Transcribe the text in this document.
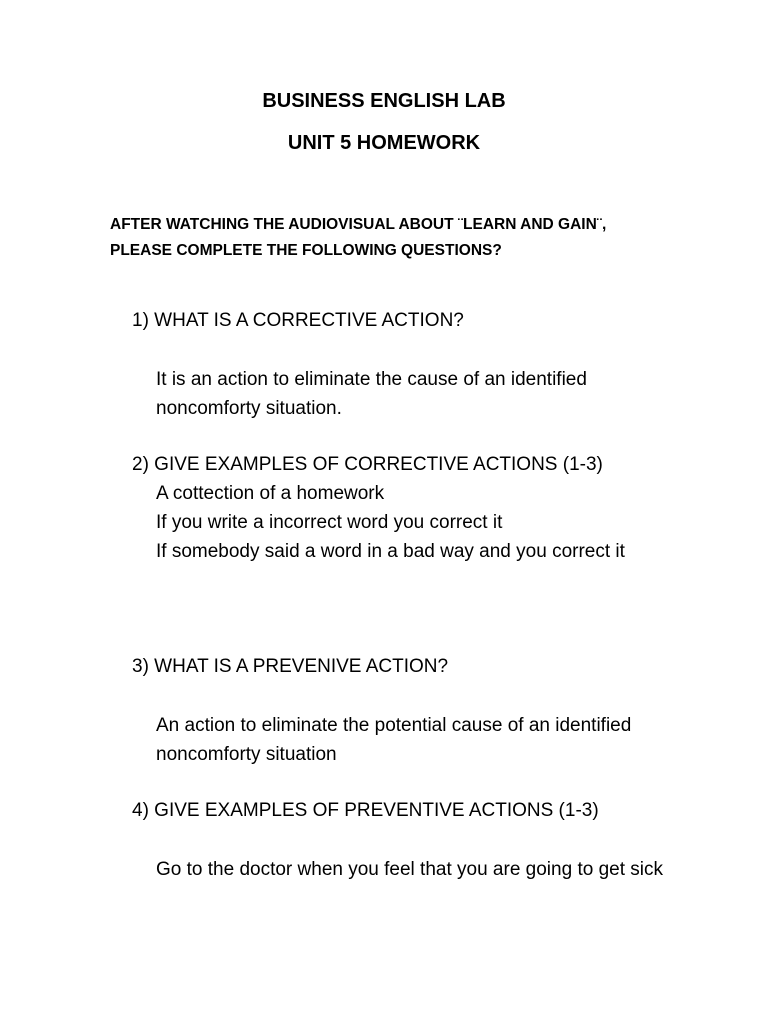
BUSINESS ENGLISH LAB
UNIT 5 HOMEWORK

AFTER WATCHING THE AUDIOVISUAL ABOUT ¨LEARN AND GAIN¨, PLEASE COMPLETE THE FOLLOWING QUESTIONS?

1) WHAT IS A CORRECTIVE ACTION?

It is an action to eliminate the cause of an identified noncomforty situation.

2) GIVE EXAMPLES OF CORRECTIVE ACTIONS (1-3)

A cottection of a homework
If you write a incorrect word you correct it
If somebody said a word in a bad way and you correct it

3) WHAT IS A PREVENIVE ACTION?

An action to eliminate the potential cause of an identified noncomforty situation

4) GIVE EXAMPLES OF PREVENTIVE ACTIONS (1-3)

Go to the doctor when you feel that you are going to get sick
